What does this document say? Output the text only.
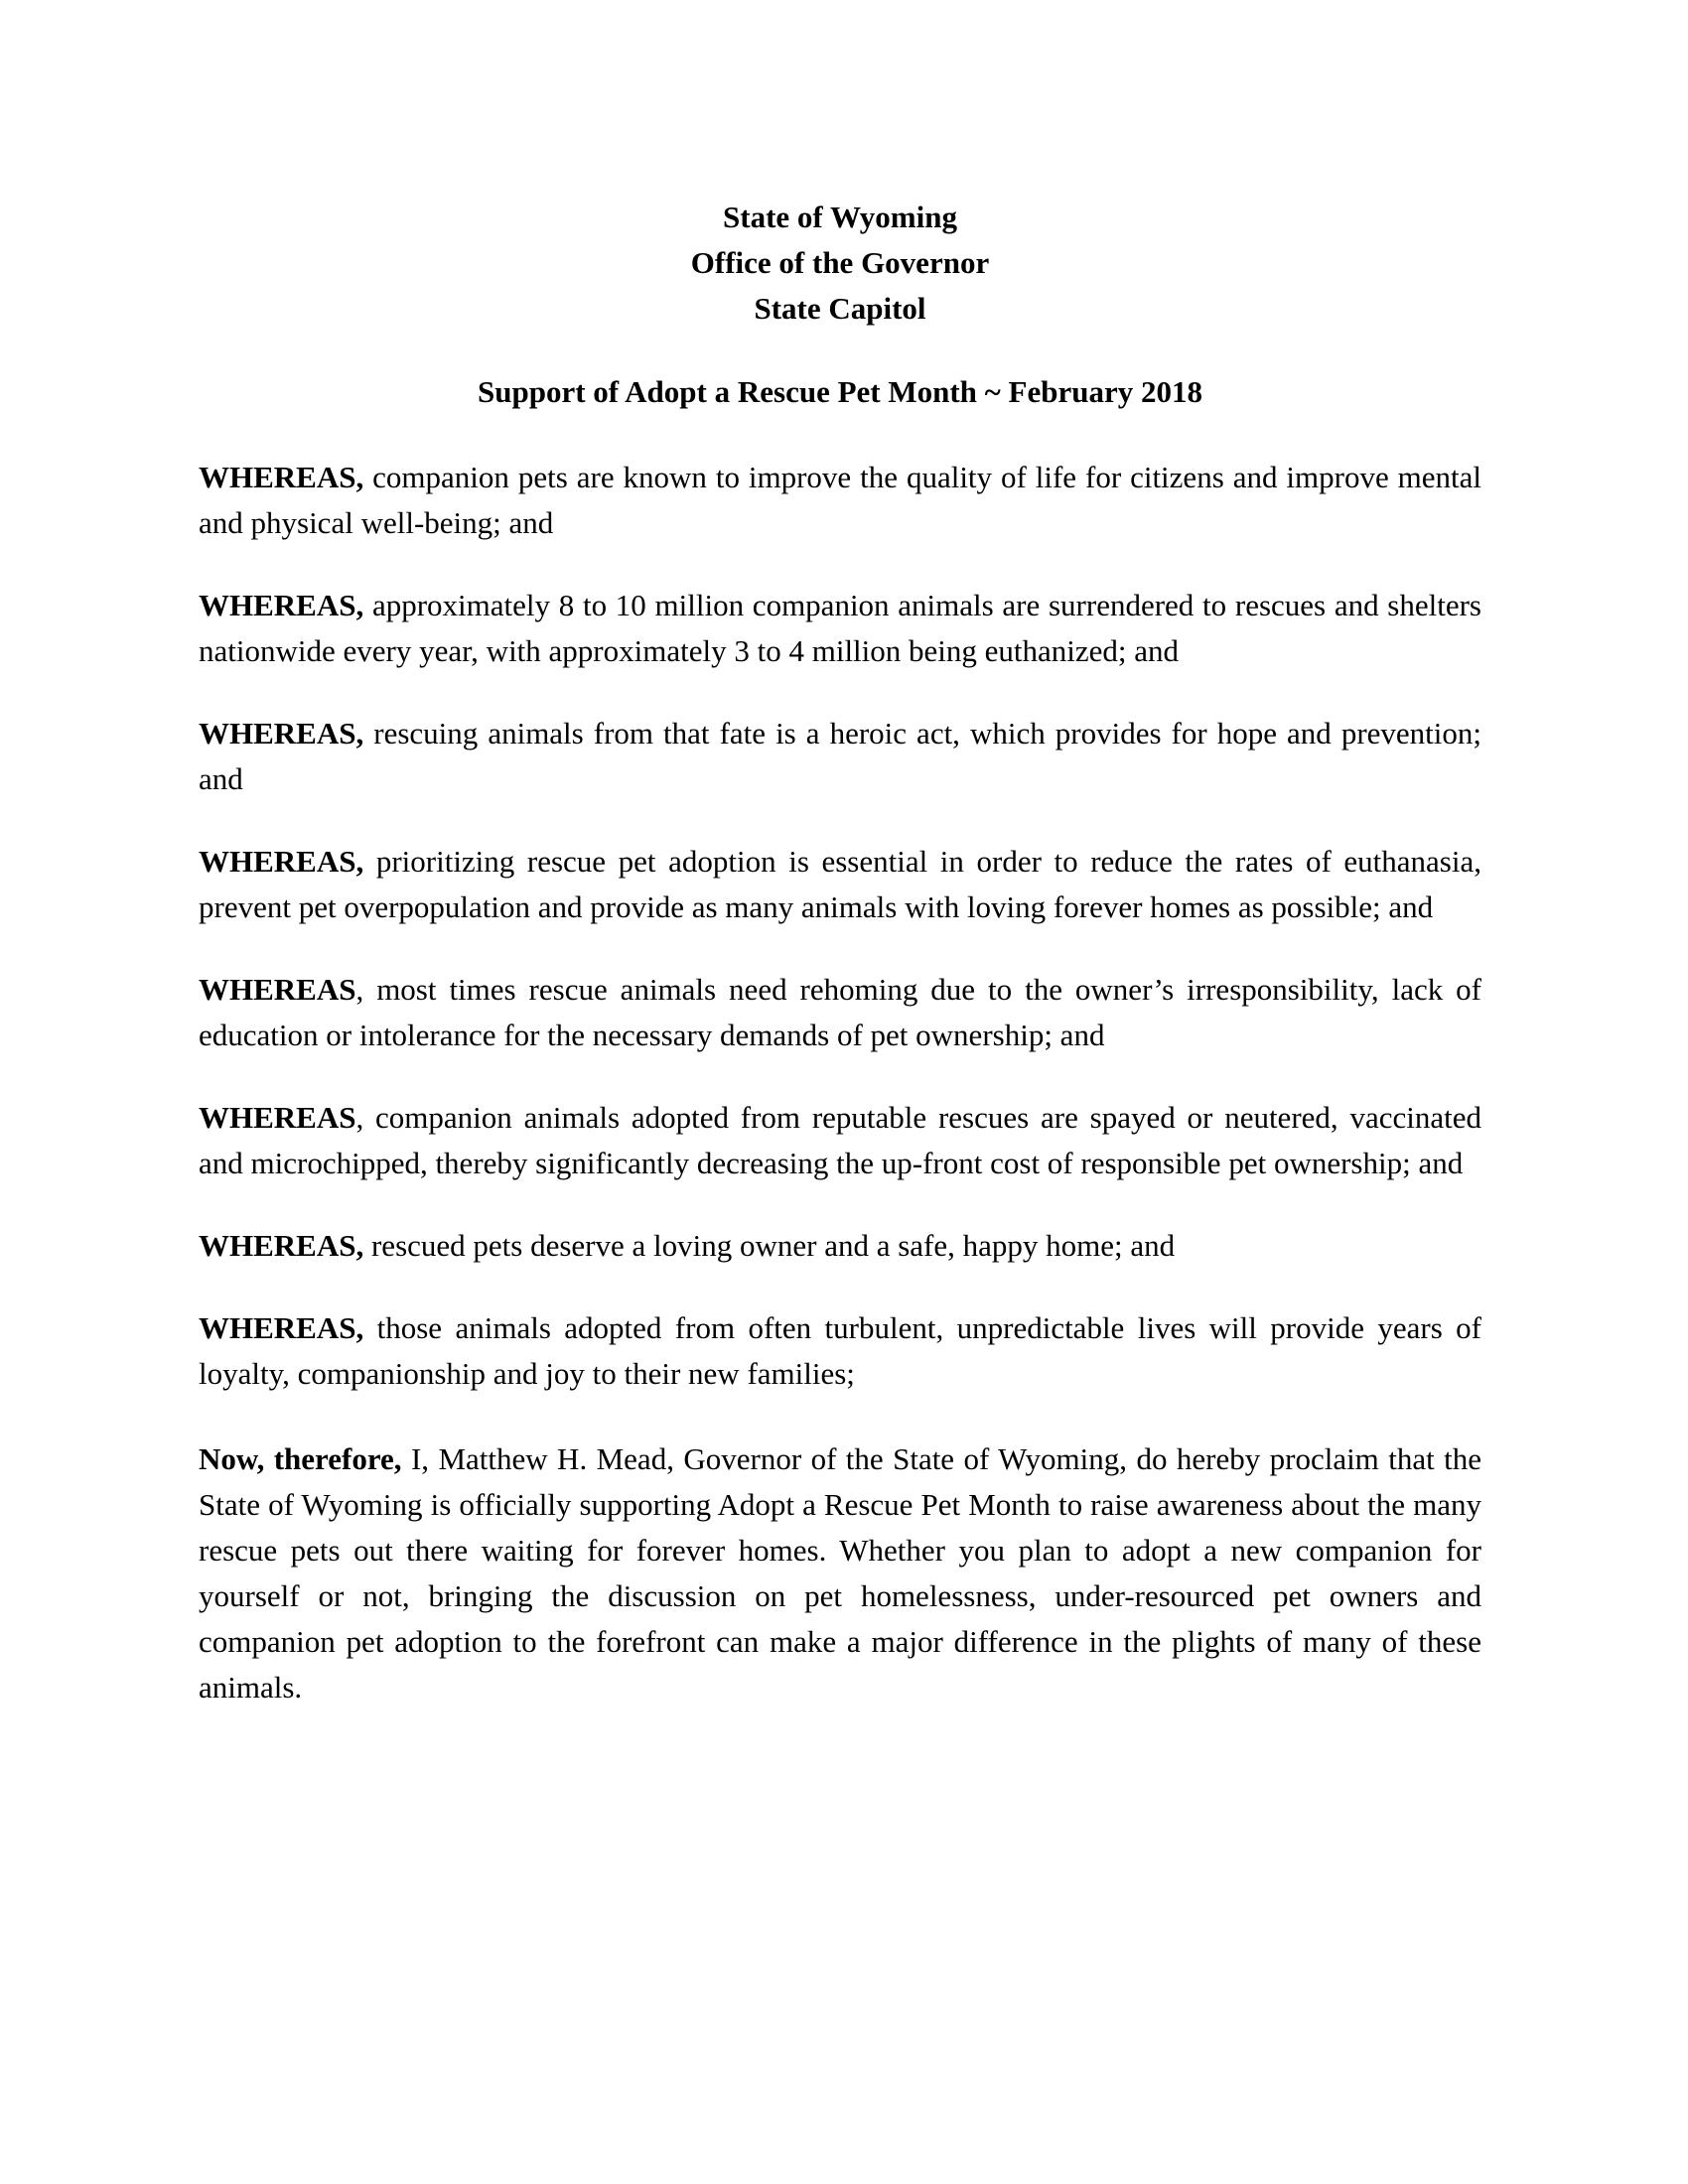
State of Wyoming

Office of the Governor

State Capitol

Support of Adopt a Rescue Pet Month ~ February 2018

WHEREAS, companion pets are known to improve the quality of life for citizens and improve mental and physical well-being; and

WHEREAS, approximately 8 to 10 million companion animals are surrendered to rescues and shelters nationwide every year, with approximately 3 to 4 million being euthanized; and

WHEREAS, rescuing animals from that fate is a heroic act, which provides for hope and prevention; and

WHEREAS, prioritizing rescue pet adoption is essential in order to reduce the rates of euthanasia, prevent pet overpopulation and provide as many animals with loving forever homes as possible; and

WHEREAS, most times rescue animals need rehoming due to the owner’s irresponsibility, lack of education or intolerance for the necessary demands of pet ownership; and

WHEREAS, companion animals adopted from reputable rescues are spayed or neutered, vaccinated and microchipped, thereby significantly decreasing the up-front cost of responsible pet ownership; and

WHEREAS, rescued pets deserve a loving owner and a safe, happy home; and

WHEREAS, those animals adopted from often turbulent, unpredictable lives will provide years of loyalty, companionship and joy to their new families;

Now, therefore, I, Matthew H. Mead, Governor of the State of Wyoming, do hereby proclaim that the State of Wyoming is officially supporting Adopt a Rescue Pet Month to raise awareness about the many rescue pets out there waiting for forever homes. Whether you plan to adopt a new companion for yourself or not, bringing the discussion on pet homelessness, under-resourced pet owners and companion pet adoption to the forefront can make a major difference in the plights of many of these animals.
